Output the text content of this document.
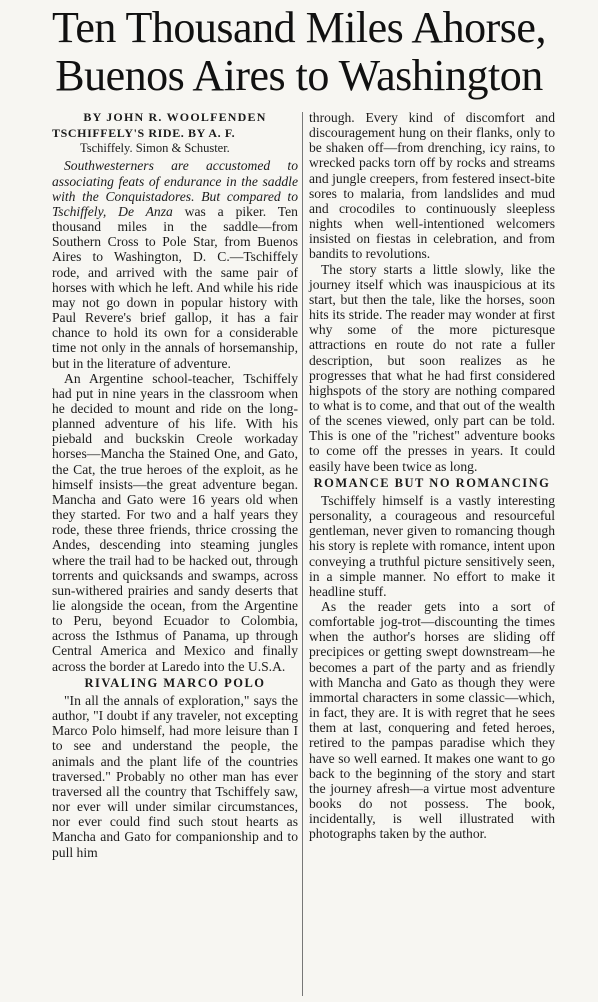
Ten Thousand Miles Ahorse,
Buenos Aires to Washington
BY JOHN R. WOOLFENDEN
TSCHIFFELY'S RIDE. BY A. F.
Tschiffely. Simon & Schuster.

Southwesterners are accustomed to associating feats of endurance in the saddle with the Conquistadores. But compared to Tschiffely, De Anza was a piker. Ten thousand miles in the saddle—from Southern Cross to Pole Star, from Buenos Aires to Washington, D. C.—Tschiffely rode, and arrived with the same pair of horses with which he left. And while his ride may not go down in popular history with Paul Revere's brief gallop, it has a fair chance to hold its own for a considerable time not only in the annals of horsemanship, but in the literature of adventure.

An Argentine school-teacher, Tschiffely had put in nine years in the classroom when he decided to mount and ride on the long-planned adventure of his life. With his piebald and buckskin Creole workaday horses—Mancha the Stained One, and Gato, the Cat, the true heroes of the exploit, as he himself insists—the great adventure began. Mancha and Gato were 16 years old when they started. For two and a half years they rode, these three friends, thrice crossing the Andes, descending into steaming jungles where the trail had to be hacked out, through torrents and quicksands and swamps, across sun-withered prairies and sandy deserts that lie alongside the ocean, from the Argentine to Peru, beyond Ecuador to Colombia, across the Isthmus of Panama, up through Central America and Mexico and finally across the border at Laredo into the U.S.A.

RIVALING MARCO POLO

"In all the annals of exploration," says the author, "I doubt if any traveler, not excepting Marco Polo himself, had more leisure than I to see and understand the people, the animals and the plant life of the countries traversed." Probably no other man has ever traversed all the country that Tschiffely saw, nor ever will under similar circumstances, nor ever could find such stout hearts as Mancha and Gato for companionship and to pull him

through. Every kind of discomfort and discouragement hung on their flanks, only to be shaken off—from drenching, icy rains, to wrecked packs torn off by rocks and streams and jungle creepers, from festered insect-bite sores to malaria, from landslides and mud and crocodiles to continuously sleepless nights when well-intentioned welcomers insisted on fiestas in celebration, and from bandits to revolutions.

The story starts a little slowly, like the journey itself which was inauspicious at its start, but then the tale, like the horses, soon hits its stride. The reader may wonder at first why some of the more picturesque attractions en route do not rate a fuller description, but soon realizes as he progresses that what he had first considered highspots of the story are nothing compared to what is to come, and that out of the wealth of the scenes viewed, only part can be told. This is one of the "richest" adventure books to come off the presses in years. It could easily have been twice as long.

ROMANCE BUT NO ROMANCING

Tschiffely himself is a vastly interesting personality, a courageous and resourceful gentleman, never given to romancing though his story is replete with romance, intent upon conveying a truthful picture sensitively seen, in a simple manner. No effort to make it headline stuff.

As the reader gets into a sort of comfortable jog-trot—discounting the times when the author's horses are sliding off precipices or getting swept downstream—he becomes a part of the party and as friendly with Mancha and Gato as though they were immortal characters in some classic—which, in fact, they are. It is with regret that he sees them at last, conquering and feted heroes, retired to the pampas paradise which they have so well earned. It makes one want to go back to the beginning of the story and start the journey afresh—a virtue most adventure books do not possess. The book, incidentally, is well illustrated with photographs taken by the author.
